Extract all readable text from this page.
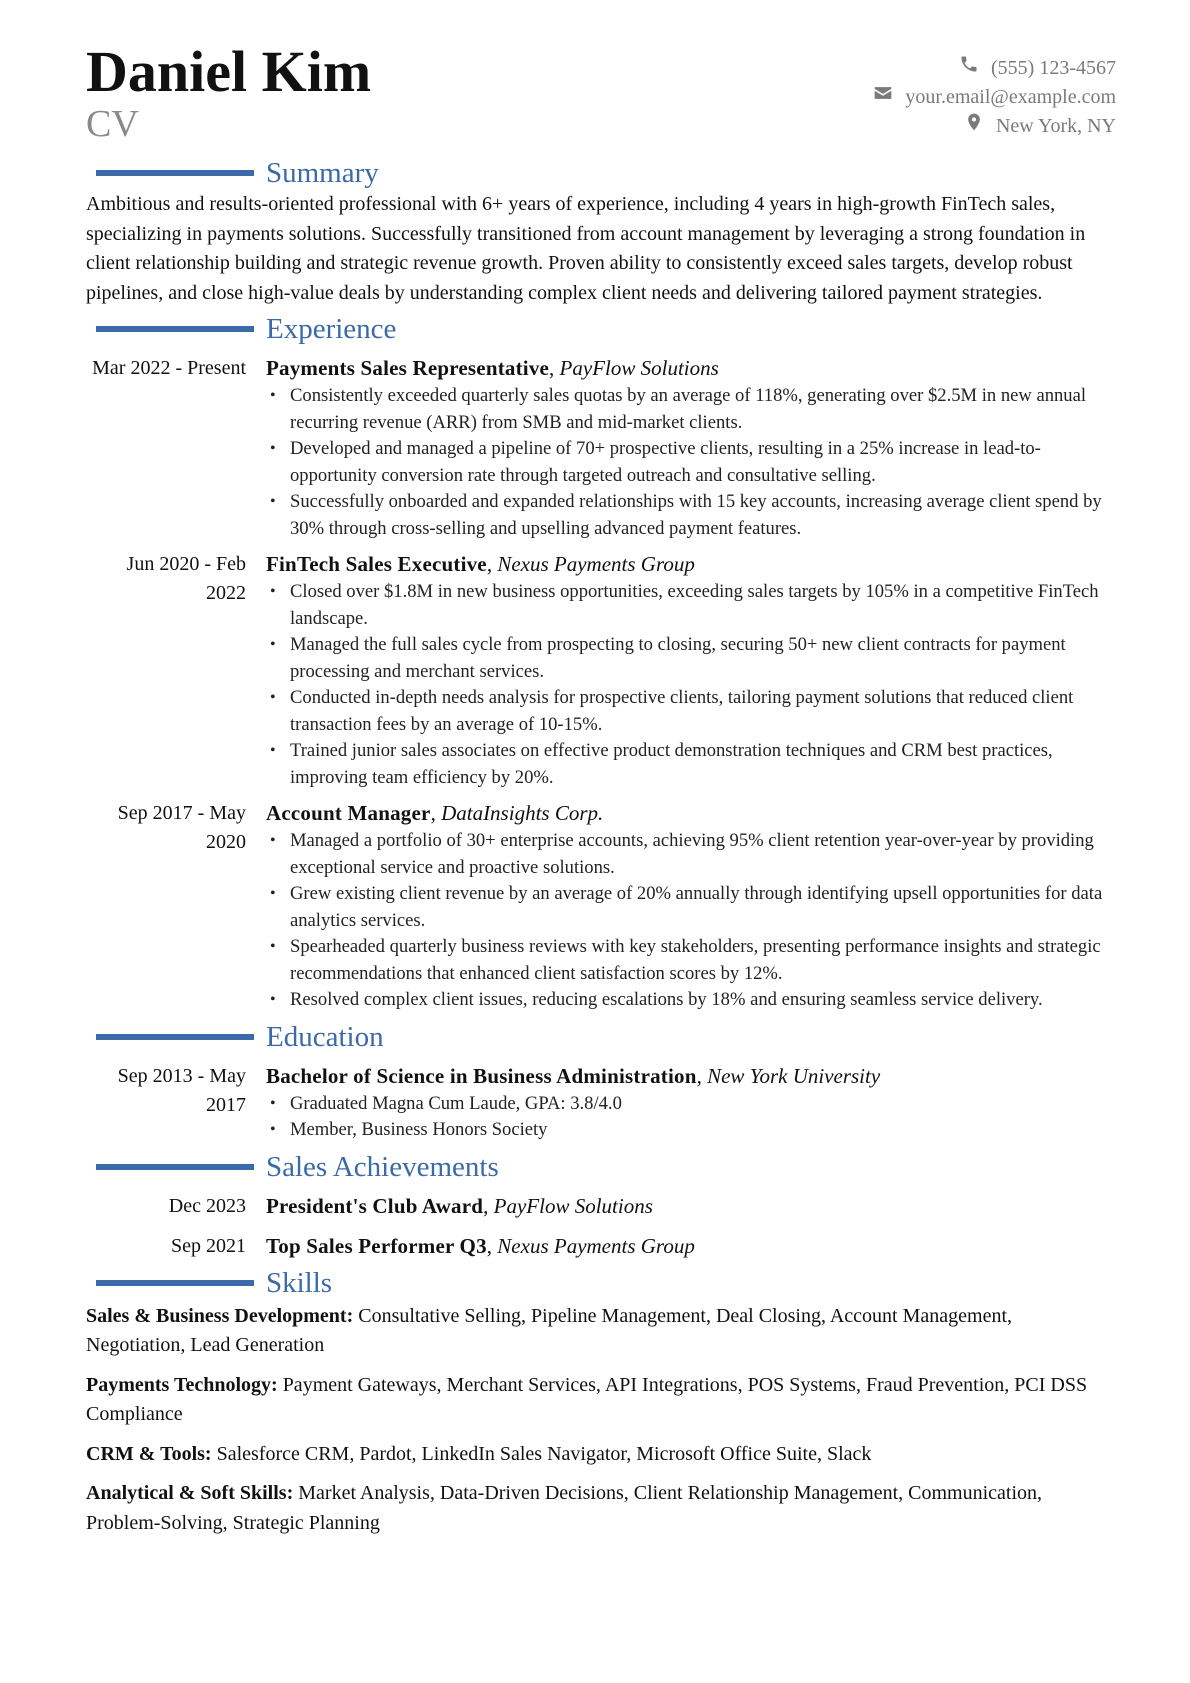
Daniel Kim
CV
(555) 123-4567
your.email@example.com
New York, NY
Summary

Ambitious and results-oriented professional with 6+ years of experience, including 4 years in high-growth FinTech sales, specializing in payments solutions. Successfully transitioned from account management by leveraging a strong foundation in client relationship building and strategic revenue growth. Proven ability to consistently exceed sales targets, develop robust pipelines, and close high-value deals by understanding complex client needs and delivering tailored payment strategies.

Experience
Mar 2022 - Present Payments Sales Representative, PayFlow Solutions
• Consistently exceeded quarterly sales quotas by an average of 118%, generating over $2.5M in new annual recurring revenue (ARR) from SMB and mid-market clients.
• Developed and managed a pipeline of 70+ prospective clients, resulting in a 25% increase in lead-to-opportunity conversion rate through targeted outreach and consultative selling.
• Successfully onboarded and expanded relationships with 15 key accounts, increasing average client spend by 30% through cross-selling and upselling advanced payment features.
Jun 2020 - Feb 2022
FinTech Sales Executive, Nexus Payments Group
• Closed over $1.8M in new business opportunities, exceeding sales targets by 105% in a competitive FinTech landscape.
• Managed the full sales cycle from prospecting to closing, securing 50+ new client contracts for payment processing and merchant services.
• Conducted in-depth needs analysis for prospective clients, tailoring payment solutions that reduced client transaction fees by an average of 10-15%.
• Trained junior sales associates on effective product demonstration techniques and CRM best practices, improving team efficiency by 20%.
Sep 2017 - May 2020
Account Manager, DataInsights Corp.
• Managed a portfolio of 30+ enterprise accounts, achieving 95% client retention year-over-year by providing exceptional service and proactive solutions.
• Grew existing client revenue by an average of 20% annually through identifying upsell opportunities for data analytics services.
• Spearheaded quarterly business reviews with key stakeholders, presenting performance insights and strategic recommendations that enhanced client satisfaction scores by 12%.
• Resolved complex client issues, reducing escalations by 18% and ensuring seamless service delivery.
Education
Sep 2013 - May 2017
Bachelor of Science in Business Administration, New York University
• Graduated Magna Cum Laude, GPA: 3.8/4.0
• Member, Business Honors Society
Sales Achievements
Dec 2023 President's Club Award, PayFlow Solutions
Sep 2021 Top Sales Performer Q3, Nexus Payments Group
Skills
Sales & Business Development: Consultative Selling, Pipeline Management, Deal Closing, Account Management, Negotiation, Lead Generation
Payments Technology: Payment Gateways, Merchant Services, API Integrations, POS Systems, Fraud Prevention, PCI DSS Compliance
CRM & Tools: Salesforce CRM, Pardot, LinkedIn Sales Navigator, Microsoft Office Suite, Slack
Analytical & Soft Skills: Market Analysis, Data-Driven Decisions, Client Relationship Management, Communication, Problem-Solving, Strategic Planning
